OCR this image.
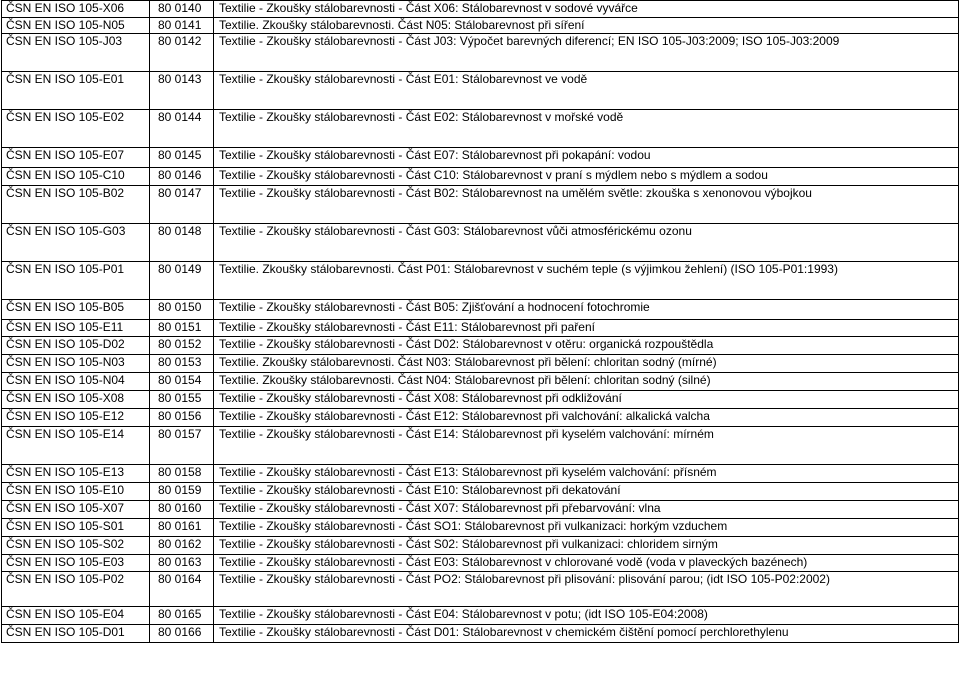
ČSN EN ISO 105-X06	80 0140	Textilie - Zkoušky stálobarevnosti - Část X06: Stálobarevnost v sodové vyvářce
ČSN EN ISO 105-N05	80 0141	Textilie. Zkoušky stálobarevnosti. Část N05: Stálobarevnost při síření
ČSN EN ISO 105-J03	80 0142	Textilie - Zkoušky stálobarevnosti - Část J03: Výpočet barevných diferencí; EN ISO 105-J03:2009; ISO 105-J03:2009
ČSN EN ISO 105-E01	80 0143	Textilie - Zkoušky stálobarevnosti - Část E01: Stálobarevnost ve vodě
ČSN EN ISO 105-E02	80 0144	Textilie - Zkoušky stálobarevnosti - Část E02: Stálobarevnost v mořské vodě
ČSN EN ISO 105-E07	80 0145	Textilie - Zkoušky stálobarevnosti - Část E07: Stálobarevnost při pokapání: vodou
ČSN EN ISO 105-C10	80 0146	Textilie - Zkoušky stálobarevnosti - Část C10: Stálobarevnost v praní s mýdlem nebo s mýdlem a sodou
ČSN EN ISO 105-B02	80 0147	Textilie - Zkoušky stálobarevnosti - Část B02: Stálobarevnost na umělém světle: zkouška s xenonovou výbojkou
ČSN EN ISO 105-G03	80 0148	Textilie - Zkoušky stálobarevnosti - Část G03: Stálobarevnost vůči atmosférickému ozonu
ČSN EN ISO 105-P01	80 0149	Textilie. Zkoušky stálobarevnosti. Část P01: Stálobarevnost v suchém teple (s výjimkou žehlení) (ISO 105-P01:1993)
ČSN EN ISO 105-B05	80 0150	Textilie - Zkoušky stálobarevnosti - Část B05: Zjišťování a hodnocení fotochromie
ČSN EN ISO 105-E11	80 0151	Textilie - Zkoušky stálobarevnosti - Část E11: Stálobarevnost při paření
ČSN EN ISO 105-D02	80 0152	Textilie - Zkoušky stálobarevnosti - Část D02: Stálobarevnost v otěru: organická rozpouštědla
ČSN EN ISO 105-N03	80 0153	Textilie. Zkoušky stálobarevnosti. Část N03: Stálobarevnost při bělení: chloritan sodný (mírné)
ČSN EN ISO 105-N04	80 0154	Textilie. Zkoušky stálobarevnosti. Část N04: Stálobarevnost při bělení: chloritan sodný (silné)
ČSN EN ISO 105-X08	80 0155	Textilie - Zkoušky stálobarevnosti - Část X08: Stálobarevnost při odkližování
ČSN EN ISO 105-E12	80 0156	Textilie - Zkoušky stálobarevnosti - Část E12: Stálobarevnost při valchování: alkalická valcha
ČSN EN ISO 105-E14	80 0157	Textilie - Zkoušky stálobarevnosti - Část E14: Stálobarevnost při kyselém valchování: mírném
ČSN EN ISO 105-E13	80 0158	Textilie - Zkoušky stálobarevnosti - Část E13: Stálobarevnost při kyselém valchování: přísném
ČSN EN ISO 105-E10	80 0159	Textilie - Zkoušky stálobarevnosti - Část E10: Stálobarevnost při dekatování
ČSN EN ISO 105-X07	80 0160	Textilie - Zkoušky stálobarevnosti - Část X07: Stálobarevnost při přebarvování: vlna
ČSN EN ISO 105-S01	80 0161	Textilie - Zkoušky stálobarevnosti - Část SO1: Stálobarevnost při vulkanizaci: horkým vzduchem
ČSN EN ISO 105-S02	80 0162	Textilie - Zkoušky stálobarevnosti - Část S02: Stálobarevnost při vulkanizaci: chloridem sirným
ČSN EN ISO 105-E03	80 0163	Textilie - Zkoušky stálobarevnosti - Část E03: Stálobarevnost v chlorované vodě (voda v plaveckých bazénech)
ČSN EN ISO 105-P02	80 0164	Textilie - Zkoušky stálobarevnosti - Část PO2: Stálobarevnost při plisování: plisování parou; (idt ISO 105-P02:2002)
ČSN EN ISO 105-E04	80 0165	Textilie - Zkoušky stálobarevnosti - Část E04: Stálobarevnost v potu; (idt ISO 105-E04:2008)
ČSN EN ISO 105-D01	80 0166	Textilie - Zkoušky stálobarevnosti - Část D01: Stálobarevnost v chemickém čištění pomocí perchlorethylenu
